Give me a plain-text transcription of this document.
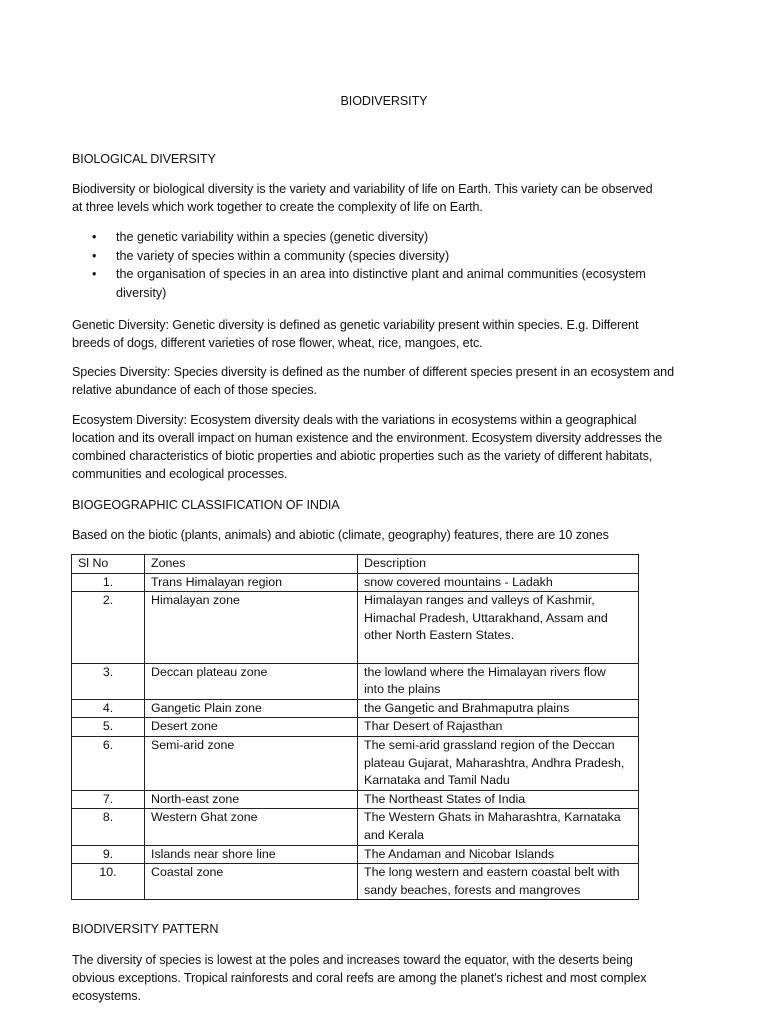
BIODIVERSITY
BIOLOGICAL DIVERSITY
Biodiversity or biological diversity is the variety and variability of life on Earth. This variety can be observed
at three levels which work together to create the complexity of life on Earth.
• the genetic variability within a species (genetic diversity)
• the variety of species within a community (species diversity)
• the organisation of species in an area into distinctive plant and animal communities (ecosystem
diversity)
Genetic Diversity: Genetic diversity is defined as genetic variability present within species. E.g. Different
breeds of dogs, different varieties of rose flower, wheat, rice, mangoes, etc.
Species Diversity: Species diversity is defined as the number of different species present in an ecosystem and
relative abundance of each of those species.
Ecosystem Diversity: Ecosystem diversity deals with the variations in ecosystems within a geographical
location and its overall impact on human existence and the environment. Ecosystem diversity addresses the
combined characteristics of biotic properties and abiotic properties such as the variety of different habitats,
communities and ecological processes.
BIOGEOGRAPHIC CLASSIFICATION OF INDIA
Based on the biotic (plants, animals) and abiotic (climate, geography) features, there are 10 zones
Sl No	Zones	Description
1.	Trans Himalayan region	snow covered mountains - Ladakh

2.	Himalayan zone	Himalayan ranges and valleys of Kashmir,
Himachal Pradesh, Uttarakhand, Assam and
other North Eastern States.

3.	Deccan plateau zone	the lowland where the Himalayan rivers flow
into the plains

4.	Gangetic Plain zone	the Gangetic and Brahmaputra plains

5.	Desert zone	Thar Desert of Rajasthan

6.	Semi-arid zone	The semi-arid grassland region of the Deccan
plateau Gujarat, Maharashtra, Andhra Pradesh,
Karnataka and Tamil Nadu

7.	North-east zone	The Northeast States of India

8.	Western Ghat zone	The Western Ghats in Maharashtra, Karnataka
and Kerala

9.	Islands near shore line	The Andaman and Nicobar Islands

10.	Coastal zone	The long western and eastern coastal belt with
sandy beaches, forests and mangroves
BIODIVERSITY PATTERN
The diversity of species is lowest at the poles and increases toward the equator, with the deserts being
obvious exceptions. Tropical rainforests and coral reefs are among the planet's richest and most complex
ecosystems.
